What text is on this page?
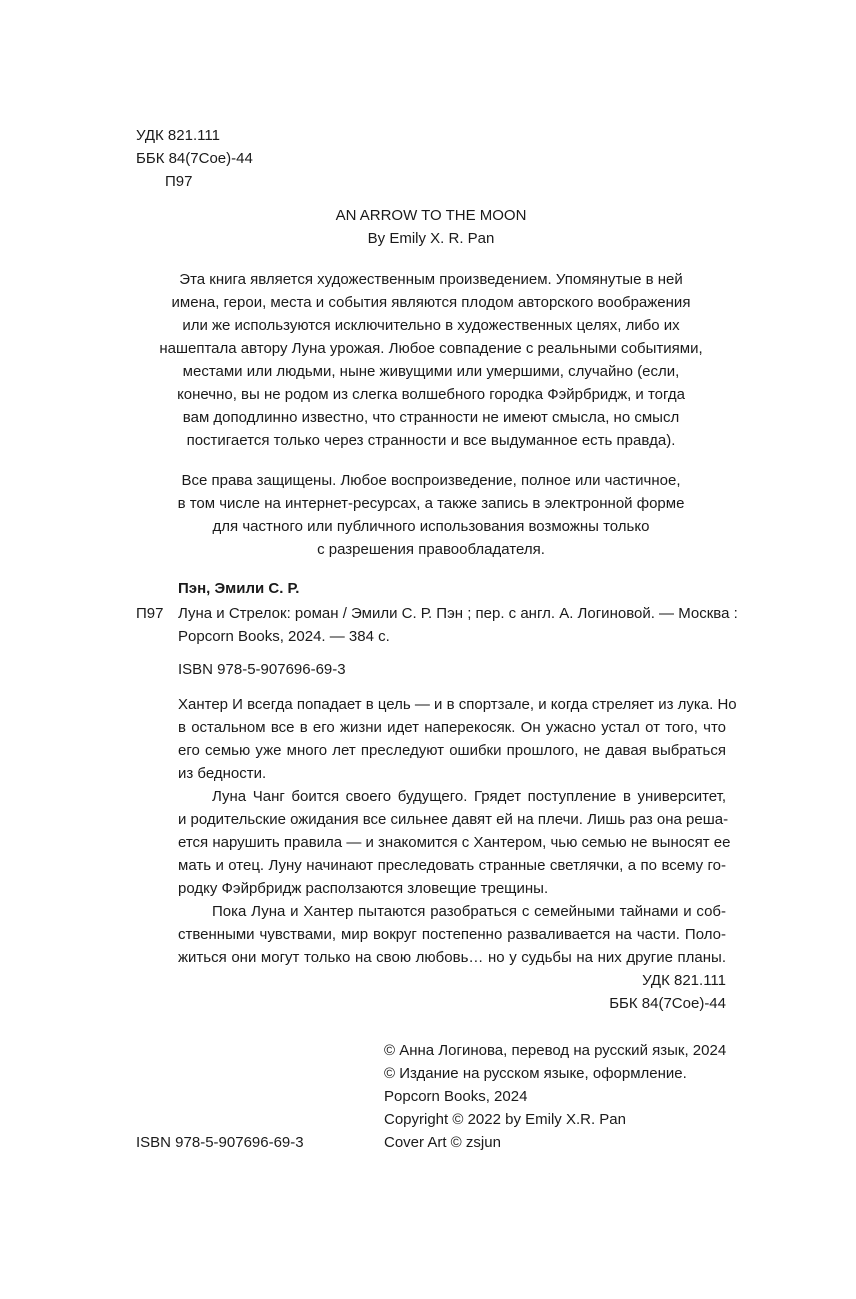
УДК 821.111
ББК 84(7Сое)-44
П97
AN ARROW TO THE MOON
By Emily X. R. Pan
Эта книга является художественным произведением. Упомянутые в ней
имена, герои, места и события являются плодом авторского воображения
или же используются исключительно в художественных целях, либо их
нашептала автору Луна урожая. Любое совпадение с реальными событиями,
местами или людьми, ныне живущими или умершими, случайно (если,
конечно, вы не родом из слегка волшебного городка Фэйрбридж, и тогда
вам доподлинно известно, что странности не имеют смысла, но смысл
постигается только через странности и все выдуманное есть правда).
Все права защищены. Любое воспроизведение, полное или частичное,
в том числе на интернет-ресурсах, а также запись в электронной форме
для частного или публичного использования возможны только
с разрешения правообладателя.
Пэн, Эмили С. Р.
П97 Луна и Стрелок: роман / Эмили С. Р. Пэн ; пер. с англ. А. Логиновой. — Москва :
Popcorn Books, 2024. — 384 с.
ISBN 978-5-907696-69-3
Хантер И всегда попадает в цель — и в спортзале, и когда стреляет из лука. Но
в остальном все в его жизни идет наперекосяк. Он ужасно устал от того, что
его семью уже много лет преследуют ошибки прошлого, не давая выбраться
из бедности.
Луна Чанг боится своего будущего. Грядет поступление в университет,
и родительские ожидания все сильнее давят ей на плечи. Лишь раз она реша-
ется нарушить правила — и знакомится с Хантером, чью семью не выносят ее
мать и отец. Луну начинают преследовать странные светлячки, а по всему го-
родку Фэйрбридж расползаются зловещие трещины.
Пока Луна и Хантер пытаются разобраться с семейными тайнами и соб-
ственными чувствами, мир вокруг постепенно разваливается на части. Поло-
житься они могут только на свою любовь… но у судьбы на них другие планы.
УДК 821.111
ББК 84(7Сое)-44
© Анна Логинова, перевод на русский язык, 2024
© Издание на русском языке, оформление.
Popcorn Books, 2024
Copyright © 2022 by Emily X.R. Pan
Cover Art © zsjun
ISBN 978-5-907696-69-3
